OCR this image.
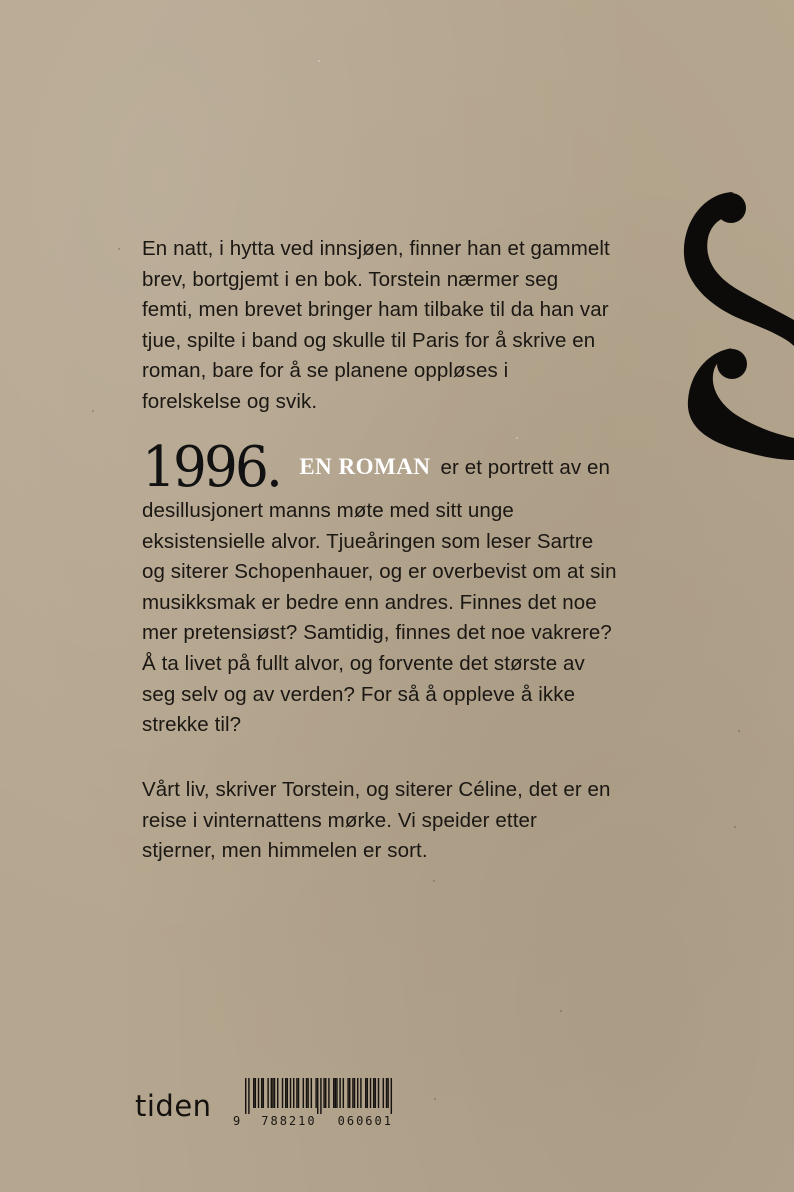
En natt, i hytta ved innsjøen, finner han et gammelt brev, bortgjemt i en bok. Torstein nærmer seg femti, men brevet bringer ham tilbake til da han var tjue, spilte i band og skulle til Paris for å skrive en roman, bare for å se planene oppløses i forelskelse og svik.

1996. EN ROMAN er et portrett av en desillusjonert manns møte med sitt unge eksistensielle alvor. Tjueåringen som leser Sartre og siterer Schopenhauer, og er overbevist om at sin musikksmak er bedre enn andres. Finnes det noe mer pretensiøst? Samtidig, finnes det noe vakrere? Å ta livet på fullt alvor, og forvente det største av seg selv og av verden? For så å oppleve å ikke strekke til?

Vårt liv, skriver Torstein, og siterer Céline, det er en reise i vinternattens mørke. Vi speider etter stjerner, men himmelen er sort.

tiden 9 788210 060601
